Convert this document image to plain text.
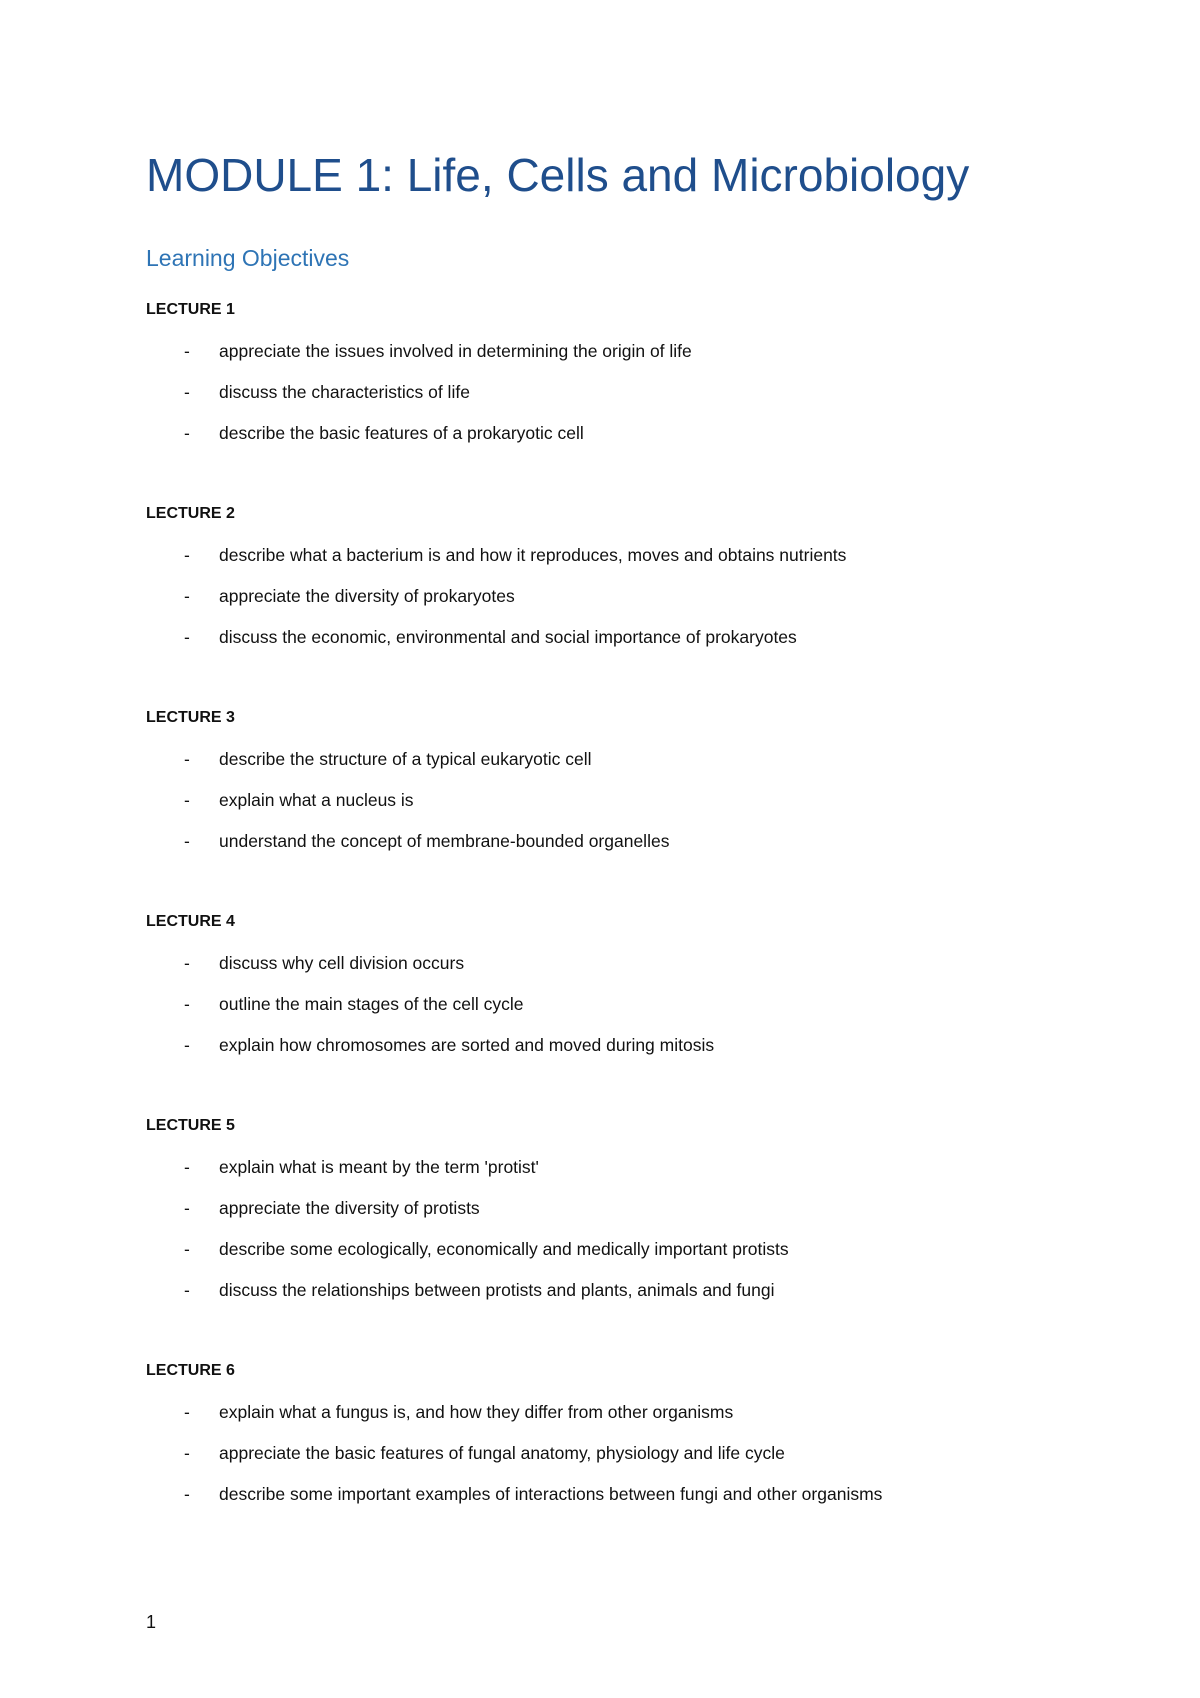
MODULE 1: Life, Cells and Microbiology
Learning Objectives
LECTURE 1
-	appreciate the issues involved in determining the origin of life
-	discuss the characteristics of life
-	describe the basic features of a prokaryotic cell
LECTURE 2
-	describe what a bacterium is and how it reproduces, moves and obtains nutrients
-	appreciate the diversity of prokaryotes
-	discuss the economic, environmental and social importance of prokaryotes
LECTURE 3
-	describe the structure of a typical eukaryotic cell
-	explain what a nucleus is
-	understand the concept of membrane-bounded organelles
LECTURE 4
-	discuss why cell division occurs
-	outline the main stages of the cell cycle
-	explain how chromosomes are sorted and moved during mitosis
LECTURE 5
-	explain what is meant by the term 'protist'
-	appreciate the diversity of protists
-	describe some ecologically, economically and medically important protists
-	discuss the relationships between protists and plants, animals and fungi
LECTURE 6
-	explain what a fungus is, and how they differ from other organisms
-	appreciate the basic features of fungal anatomy, physiology and life cycle
-	describe some important examples of interactions between fungi and other organisms
1
